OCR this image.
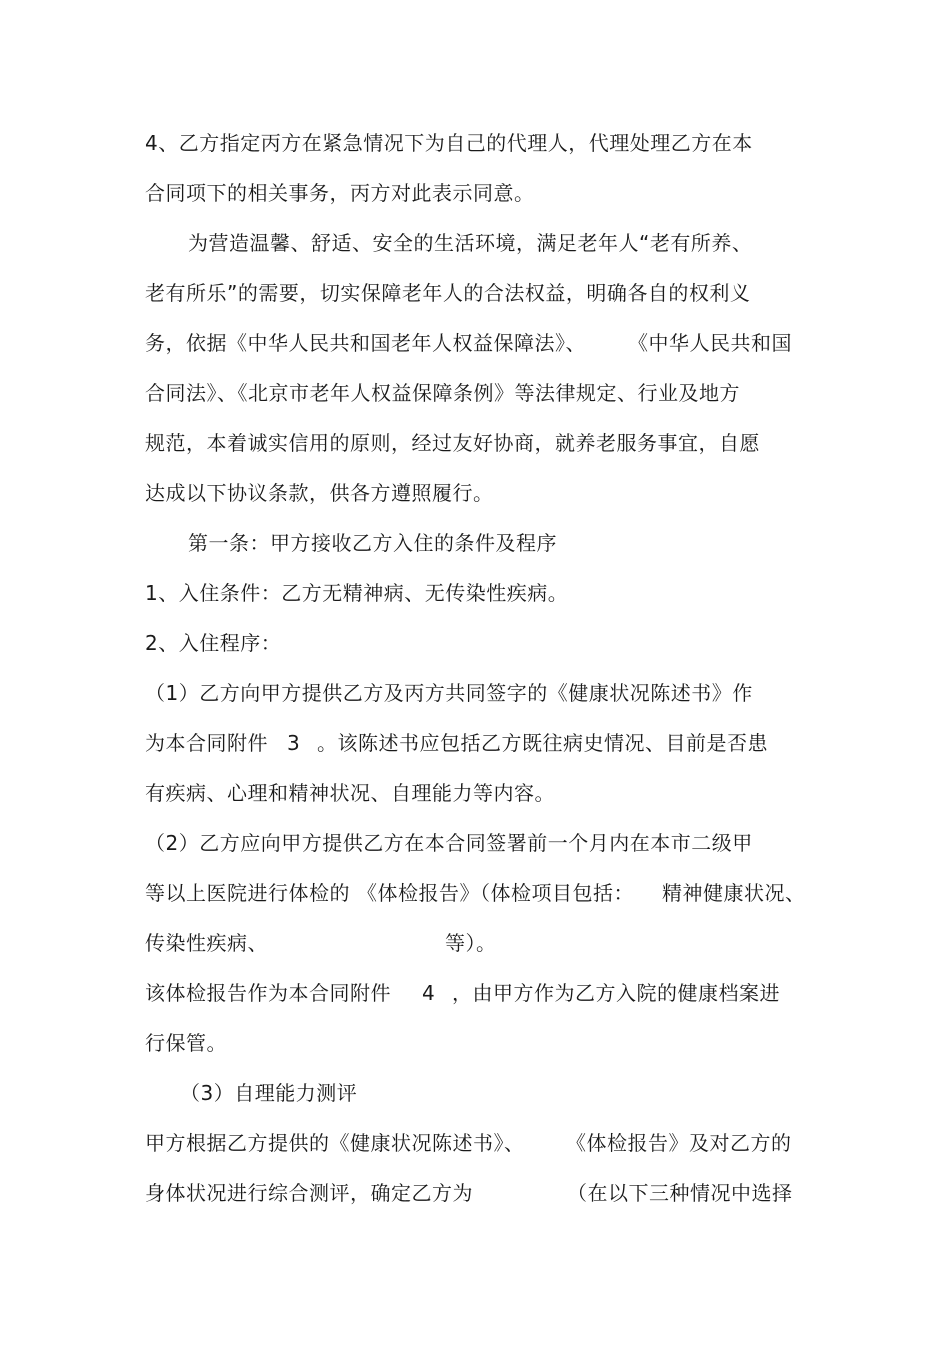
4、乙方指定丙方在紧急情况下为自己的代理人，代理处理乙方在本
合同项下的相关事务，丙方对此表示同意。
为营造温馨、舒适、安全的生活环境，满足老年人“老有所养、
老有所乐”的需要，切实保障老年人的合法权益，明确各自的权利义
务，依据《中华人民共和国老年人权益保障法》、 《中华人民共和国
合同法》、《北京市老年人权益保障条例》等法律规定、行业及地方
规范，本着诚实信用的原则，经过友好协商，就养老服务事宜，自愿
达成以下协议条款，供各方遵照履行。
第一条：甲方接收乙方入住的条件及程序
1、入住条件：乙方无精神病、无传染性疾病。
2、入住程序：
（1）乙方向甲方提供乙方及丙方共同签字的《健康状况陈述书》作
为本合同附件 3 。该陈述书应包括乙方既往病史情况、目前是否患
有疾病、心理和精神状况、自理能力等内容。
（2）乙方应向甲方提供乙方在本合同签署前一个月内在本市二级甲
等以上医院进行体检的 《体检报告》（体检项目包括： 精神健康状况、
传染性疾病、	等）。
该体检报告作为本合同附件 4 ，由甲方作为乙方入院的健康档案进
行保管。
（3）自理能力测评
甲方根据乙方提供的《健康状况陈述书》、 《体检报告》及对乙方的
身体状况进行综合测评，确定乙方为	（在以下三种情况中选择
